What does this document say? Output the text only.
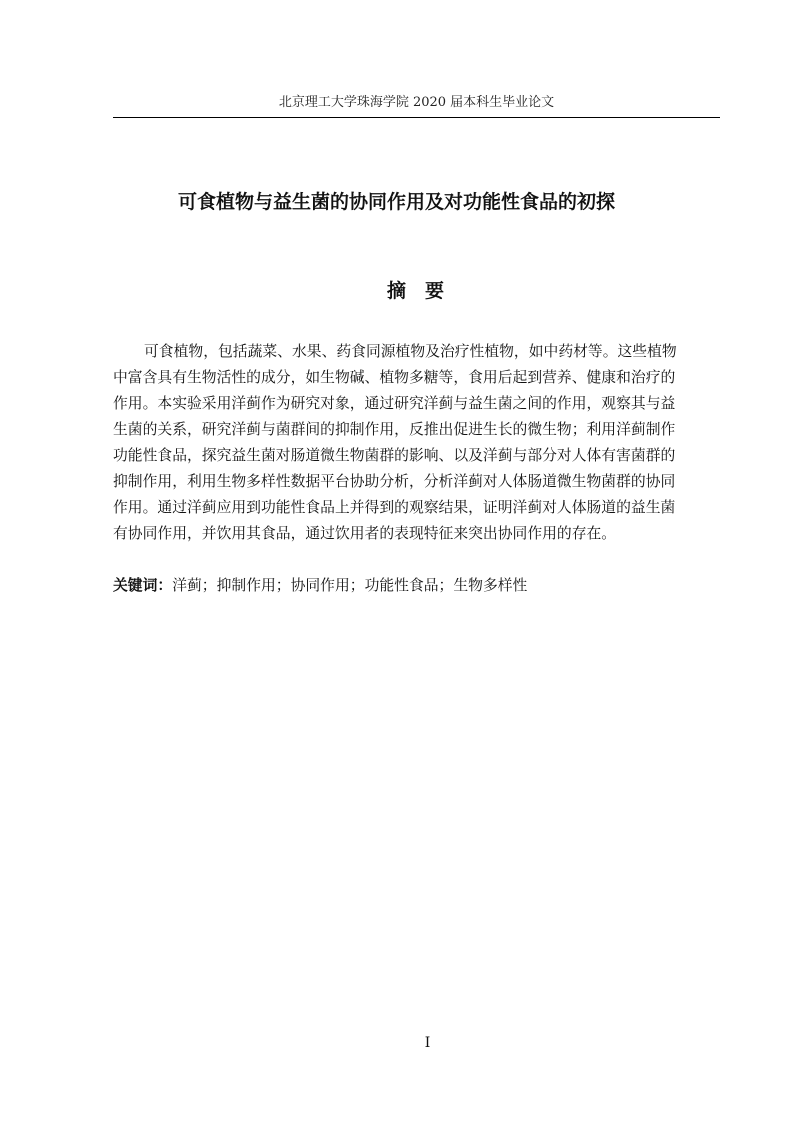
北京理工大学珠海学院 2020 届本科生毕业论文
可食植物与益生菌的协同作用及对功能性食品的初探
摘　要
可食植物，包括蔬菜、水果、药食同源植物及治疗性植物，如中药材等。这些植物
中富含具有生物活性的成分，如生物碱、植物多糖等，食用后起到营养、健康和治疗的
作用。本实验采用洋蓟作为研究对象，通过研究洋蓟与益生菌之间的作用，观察其与益
生菌的关系，研究洋蓟与菌群间的抑制作用，反推出促进生长的微生物；利用洋蓟制作
功能性食品，探究益生菌对肠道微生物菌群的影响、以及洋蓟与部分对人体有害菌群的
抑制作用，利用生物多样性数据平台协助分析，分析洋蓟对人体肠道微生物菌群的协同
作用。通过洋蓟应用到功能性食品上并得到的观察结果，证明洋蓟对人体肠道的益生菌
有协同作用，并饮用其食品，通过饮用者的表现特征来突出协同作用的存在。
关键词：洋蓟；抑制作用；协同作用；功能性食品；生物多样性
I
